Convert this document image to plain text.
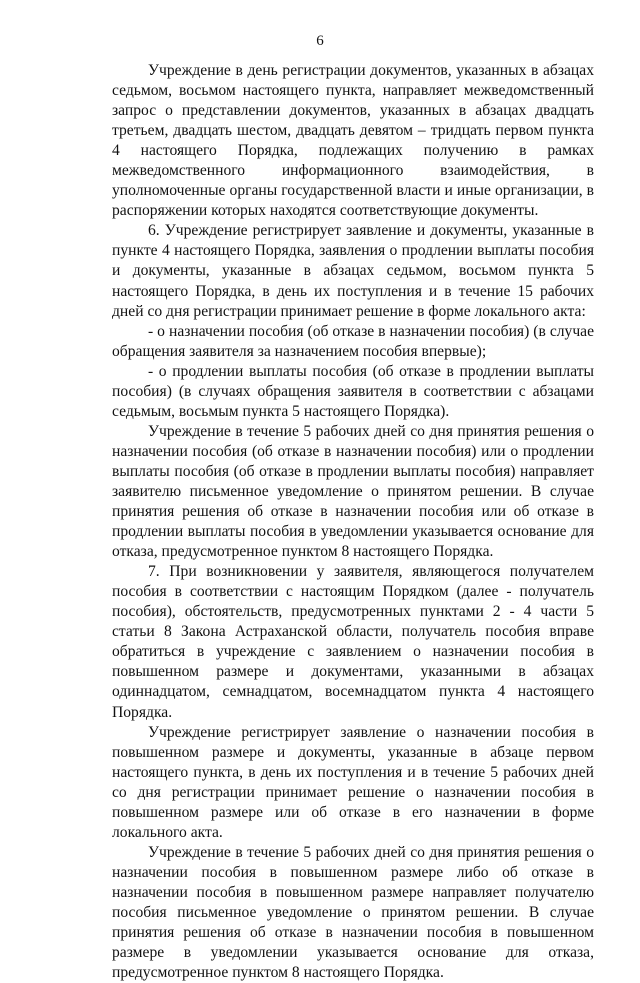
6

Учреждение в день регистрации документов, указанных в абзацах седьмом, восьмом настоящего пункта, направляет межведомственный запрос о представлении документов, указанных в абзацах двадцать третьем, двадцать шестом, двадцать девятом – тридцать первом пункта 4 настоящего Порядка, подлежащих получению в рамках межведомственного информационного взаимодействия, в уполномоченные органы государственной власти и иные организации, в распоряжении которых находятся соответствующие документы.

6. Учреждение регистрирует заявление и документы, указанные в пункте 4 настоящего Порядка, заявления о продлении выплаты пособия и документы, указанные в абзацах седьмом, восьмом пункта 5 настоящего Порядка, в день их поступления и в течение 15 рабочих дней со дня регистрации принимает решение в форме локального акта:

- о назначении пособия (об отказе в назначении пособия) (в случае обращения заявителя за назначением пособия впервые);

- о продлении выплаты пособия (об отказе в продлении выплаты пособия) (в случаях обращения заявителя в соответствии с абзацами седьмым, восьмым пункта 5 настоящего Порядка).

Учреждение в течение 5 рабочих дней со дня принятия решения о назначении пособия (об отказе в назначении пособия) или о продлении выплаты пособия (об отказе в продлении выплаты пособия) направляет заявителю письменное уведомление о принятом решении. В случае принятия решения об отказе в назначении пособия или об отказе в продлении выплаты пособия в уведомлении указывается основание для отказа, предусмотренное пунктом 8 настоящего Порядка.

7. При возникновении у заявителя, являющегося получателем пособия в соответствии с настоящим Порядком (далее - получатель пособия), обстоятельств, предусмотренных пунктами 2 - 4 части 5 статьи 8 Закона Астраханской области, получатель пособия вправе обратиться в учреждение с заявлением о назначении пособия в повышенном размере и документами, указанными в абзацах одиннадцатом, семнадцатом, восемнадцатом пункта 4 настоящего Порядка.

Учреждение регистрирует заявление о назначении пособия в повышенном размере и документы, указанные в абзаце первом настоящего пункта, в день их поступления и в течение 5 рабочих дней со дня регистрации принимает решение о назначении пособия в повышенном размере или об отказе в его назначении в форме локального акта.

Учреждение в течение 5 рабочих дней со дня принятия решения о назначении пособия в повышенном размере либо об отказе в назначении пособия в повышенном размере направляет получателю пособия письменное уведомление о принятом решении. В случае принятия решения об отказе в назначении пособия в повышенном размере в уведомлении указывается основание для отказа, предусмотренное пунктом 8 настоящего Порядка.
